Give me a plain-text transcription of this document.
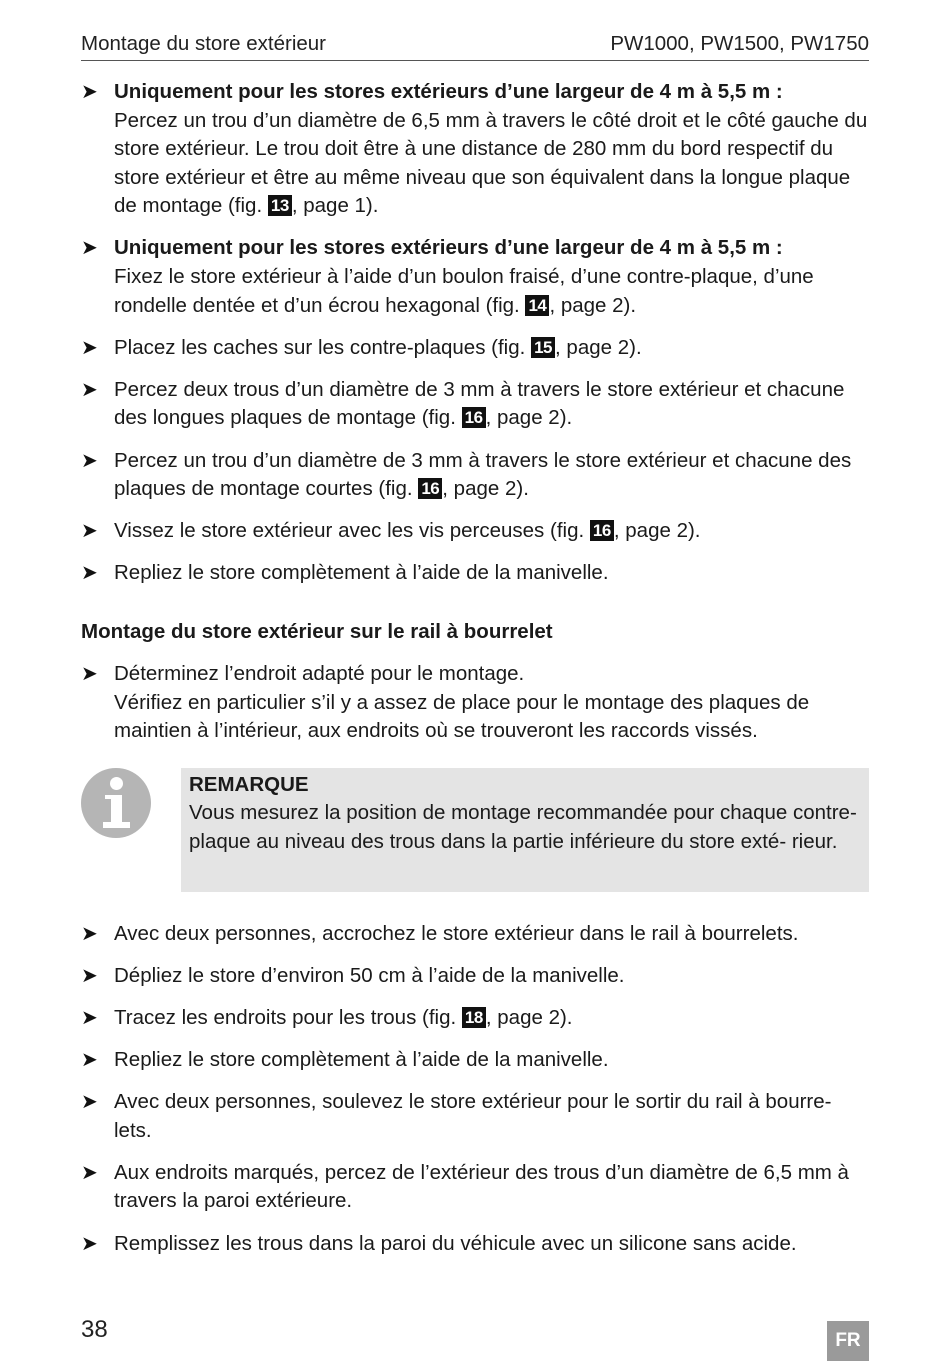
Montage du store extérieur	PW1000, PW1500, PW1750
➤ Uniquement pour les stores extérieurs d’une largeur de 4 m à 5,5 m :
Percez un trou d’un diamètre de 6,5 mm à travers le côté droit et le côté gauche du store extérieur. Le trou doit être à une distance de 280 mm du bord respectif du store extérieur et être au même niveau que son équivalent dans la longue plaque de montage (fig. 13 , page 1).
➤ Uniquement pour les stores extérieurs d’une largeur de 4 m à 5,5 m :
Fixez le store extérieur à l’aide d’un boulon fraisé, d’une contre-plaque, d’une rondelle dentée et d’un écrou hexagonal (fig. 14 , page 2).
➤ Placez les caches sur les contre-plaques (fig. 15 , page 2).
➤ Percez deux trous d’un diamètre de 3 mm à travers le store extérieur et chacune des longues plaques de montage (fig. 16 , page 2).
➤ Percez un trou d’un diamètre de 3 mm à travers le store extérieur et chacune des plaques de montage courtes (fig. 16 , page 2).
➤ Vissez le store extérieur avec les vis perceuses (fig. 16 , page 2).
➤ Repliez le store complètement à l’aide de la manivelle.
Montage du store extérieur sur le rail à bourrelet
➤ Déterminez l’endroit adapté pour le montage.
Vérifiez en particulier s’il y a assez de place pour le montage des plaques de maintien à l’intérieur, aux endroits où se trouveront les raccords vissés.
REMARQUE
Vous mesurez la position de montage recommandée pour chaque contre-plaque au niveau des trous dans la partie inférieure du store exté- rieur.
➤ Avec deux personnes, accrochez le store extérieur dans le rail à bourrelets.
➤ Dépliez le store d’environ 50 cm à l’aide de la manivelle.
➤ Tracez les endroits pour les trous (fig. 18 , page 2).
➤ Repliez le store complètement à l’aide de la manivelle.
➤ Avec deux personnes, soulevez le store extérieur pour le sortir du rail à bourre- lets.
➤ Aux endroits marqués, percez de l’extérieur des trous d’un diamètre de 6,5 mm à travers la paroi extérieure.
➤ Remplissez les trous dans la paroi du véhicule avec un silicone sans acide.
38	FR
